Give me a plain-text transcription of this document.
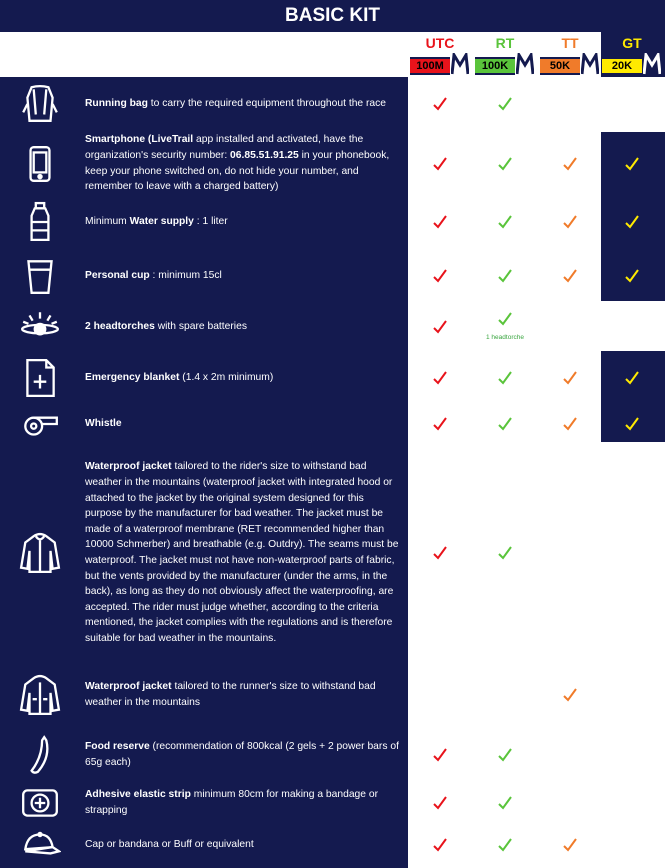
BASIC KIT
UTC
100M
RT
100K
TT
50K
GT
20K
Running bag to carry the required equipment throughout the race
Smartphone (LiveTrail app installed and activated, have the organization's security number: 06.85.51.91.25 in your phonebook, keep your phone switched on, do not hide your number, and remember to leave with a charged battery)
Minimum Water supply : 1 liter
Personal cup : minimum 15cl
2 headtorches with spare batteries
1 headtorche
Emergency blanket (1.4 x 2m minimum)
Whistle
Waterproof jacket tailored to the rider's size to withstand bad weather in the mountains (waterproof jacket with integrated hood or attached to the jacket by the original system designed for this purpose by the manufacturer for bad weather. The jacket must be made of a waterproof membrane (RET recommended higher than 10000 Schmerber) and breathable (e.g. Outdry). The seams must be waterproof. The jacket must not have non-waterproof parts of fabric, but the vents provided by the manufacturer (under the arms, in the back), as long as they do not obviously affect the waterproofing, are accepted. The rider must judge whether, according to the criteria mentioned, the jacket complies with the regulations and is therefore suitable for bad weather in the mountains.
Waterproof jacket tailored to the runner's size to withstand bad weather in the mountains
Food reserve (recommendation of 800kcal (2 gels + 2 power bars of 65g each)
Adhesive elastic strip minimum 80cm for making a bandage or strapping
Cap or bandana or Buff or equivalent
